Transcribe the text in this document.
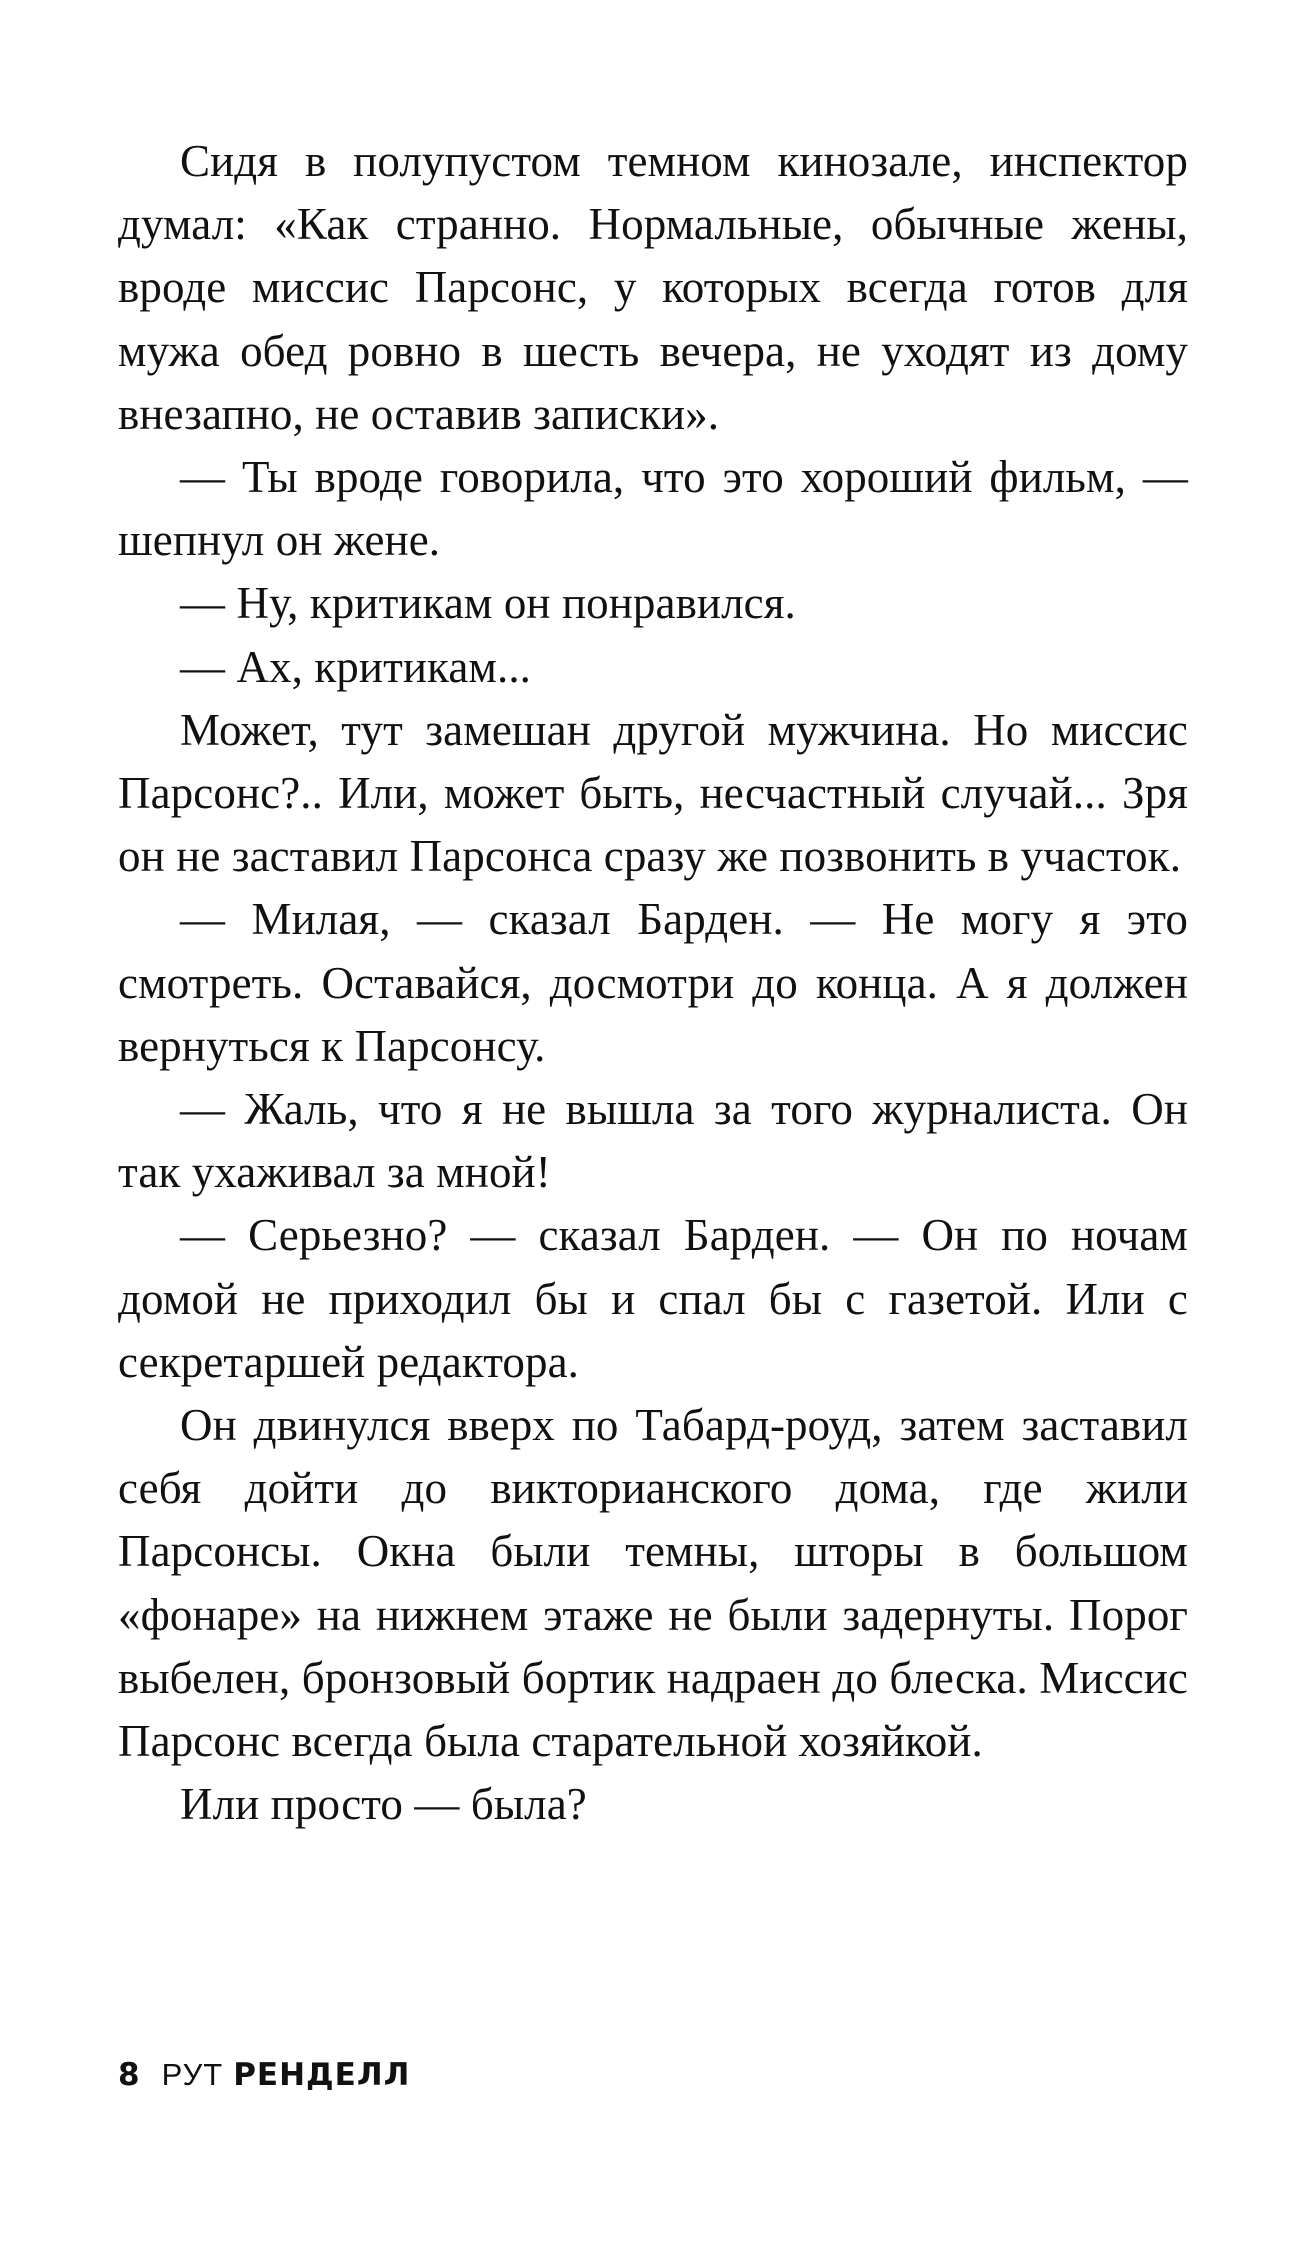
Сидя в полупустом темном кинозале, инспектор думал: «Как странно. Нормальные, обычные жены, вроде миссис Парсонс, у которых всегда готов для мужа обед ровно в шесть вечера, не уходят из дому внезапно, не оставив записки».

— Ты вроде говорила, что это хороший фильм, — шепнул он жене.

— Ну, критикам он понравился.

— Ах, критикам...

Может, тут замешан другой мужчина. Но миссис Парсонс?.. Или, может быть, несчастный случай... Зря он не заставил Парсонса сразу же позвонить в участок.

— Милая, — сказал Барден. — Не могу я это смотреть. Оставайся, досмотри до конца. А я должен вернуться к Парсонсу.

— Жаль, что я не вышла за того журналиста. Он так ухаживал за мной!

— Серьезно? — сказал Барден. — Он по ночам домой не приходил бы и спал бы с газетой. Или с секретаршей редактора.

Он двинулся вверх по Табард-роуд, затем заставил себя дойти до викторианского дома, где жили Парсонсы. Окна были темны, шторы в большом «фонаре» на нижнем этаже не были задернуты. Порог выбелен, бронзовый бортик надраен до блеска. Миссис Парсонс всегда была старательной хозяйкой.

Или просто — была?

8 РУТ РЕНДЕЛЛ
